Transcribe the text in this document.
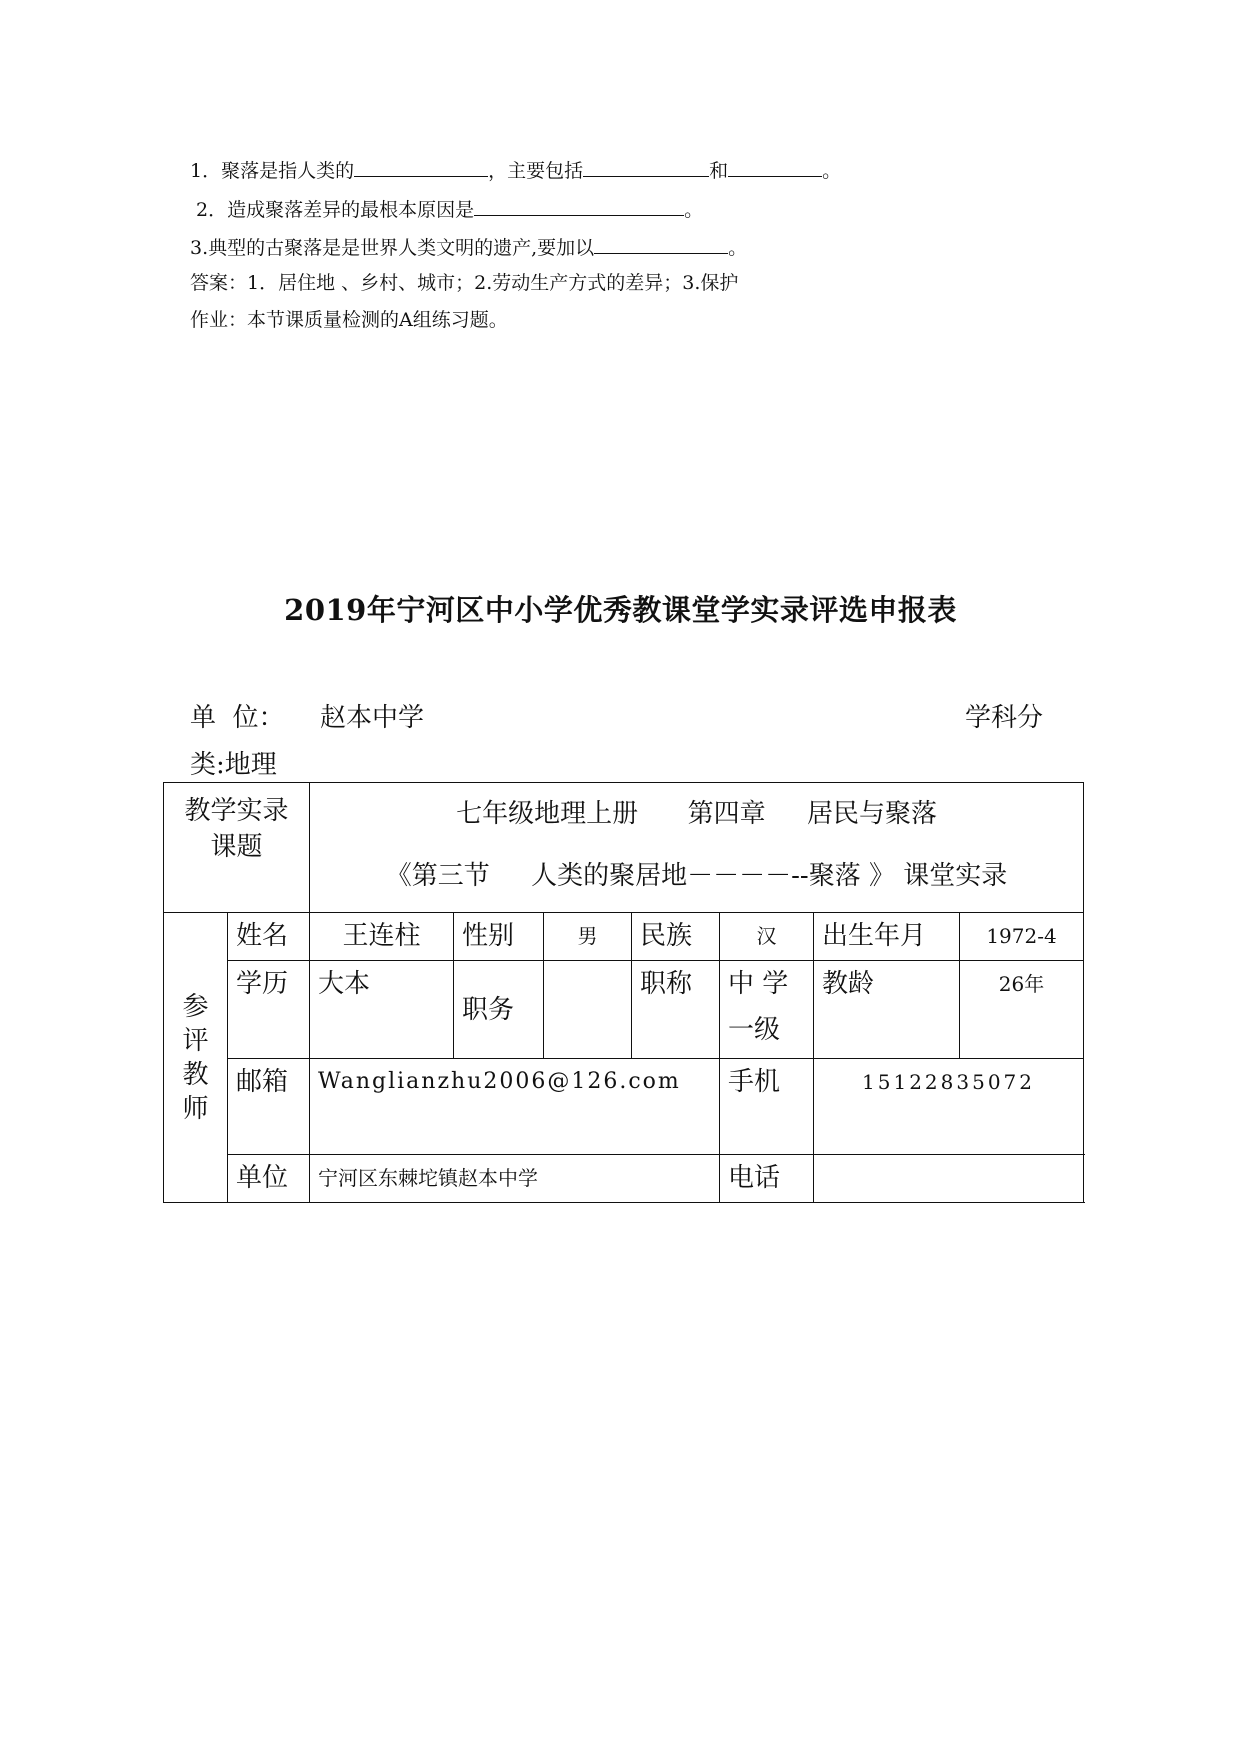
1．聚落是指人类的	，主要包括	和	。
2．造成聚落差异的最根本原因是	。
3.典型的古聚落是是世界人类文明的遗产,要加以	。
答案：1．居住地 、乡村、城市；2.劳动生产方式的差异；3.保护
作业：本节课质量检测的A组练习题。
2019年宁河区中小学优秀教课堂学实录评选申报表
单  位： 赵本中学	学科分
类:地理
教学实录课题		七年级地理上册      第四章     居民与聚落
《第三节     人类的聚居地－－－－--聚落 》 课堂实录						

参评教师	姓名	王连柱	性别	男	民族	汉	出生年月	1972-4
	学历	大本	职务		职称	中 学一级	教龄	26年
	邮箱	Wanglianzhu2006@126.com				手机	15122835072	
	单位	宁河区东棘坨镇赵本中学				电话		
